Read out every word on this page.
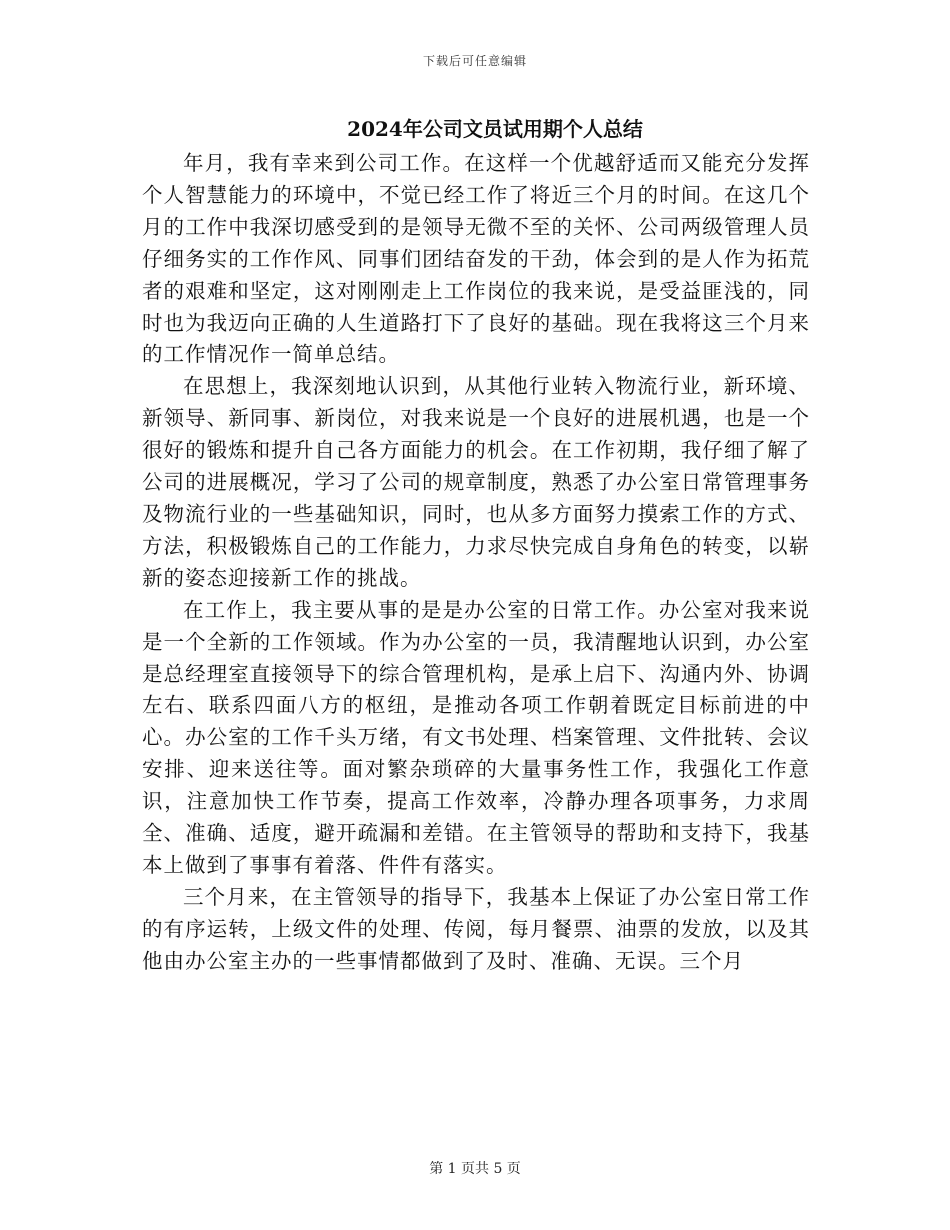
下载后可任意编辑
2024年公司文员试用期个人总结

年月，我有幸来到公司工作。在这样一个优越舒适而又能充分发挥个人智慧能力的环境中，不觉已经工作了将近三个月的时间。在这几个月的工作中我深切感受到的是领导无微不至的关怀、公司两级管理人员仔细务实的工作作风、同事们团结奋发的干劲，体会到的是人作为拓荒者的艰难和坚定，这对刚刚走上工作岗位的我来说，是受益匪浅的，同时也为我迈向正确的人生道路打下了良好的基础。现在我将这三个月来的工作情况作一简单总结。

在思想上，我深刻地认识到，从其他行业转入物流行业，新环境、新领导、新同事、新岗位，对我来说是一个良好的进展机遇，也是一个很好的锻炼和提升自己各方面能力的机会。在工作初期，我仔细了解了公司的进展概况，学习了公司的规章制度，熟悉了办公室日常管理事务及物流行业的一些基础知识，同时，也从多方面努力摸索工作的方式、方法，积极锻炼自己的工作能力，力求尽快完成自身角色的转变，以崭新的姿态迎接新工作的挑战。

在工作上，我主要从事的是是办公室的日常工作。办公室对我来说是一个全新的工作领域。作为办公室的一员，我清醒地认识到，办公室是总经理室直接领导下的综合管理机构，是承上启下、沟通内外、协调左右、联系四面八方的枢纽，是推动各项工作朝着既定目标前进的中心。办公室的工作千头万绪，有文书处理、档案管理、文件批转、会议安排、迎来送往等。面对繁杂琐碎的大量事务性工作，我强化工作意识，注意加快工作节奏，提高工作效率，冷静办理各项事务，力求周全、准确、适度，避开疏漏和差错。在主管领导的帮助和支持下，我基本上做到了事事有着落、件件有落实。

三个月来，在主管领导的指导下，我基本上保证了办公室日常工作的有序运转，上级文件的处理、传阅，每月餐票、油票的发放，以及其他由办公室主办的一些事情都做到了及时、准确、无误。三个月

第 1 页共 5 页
